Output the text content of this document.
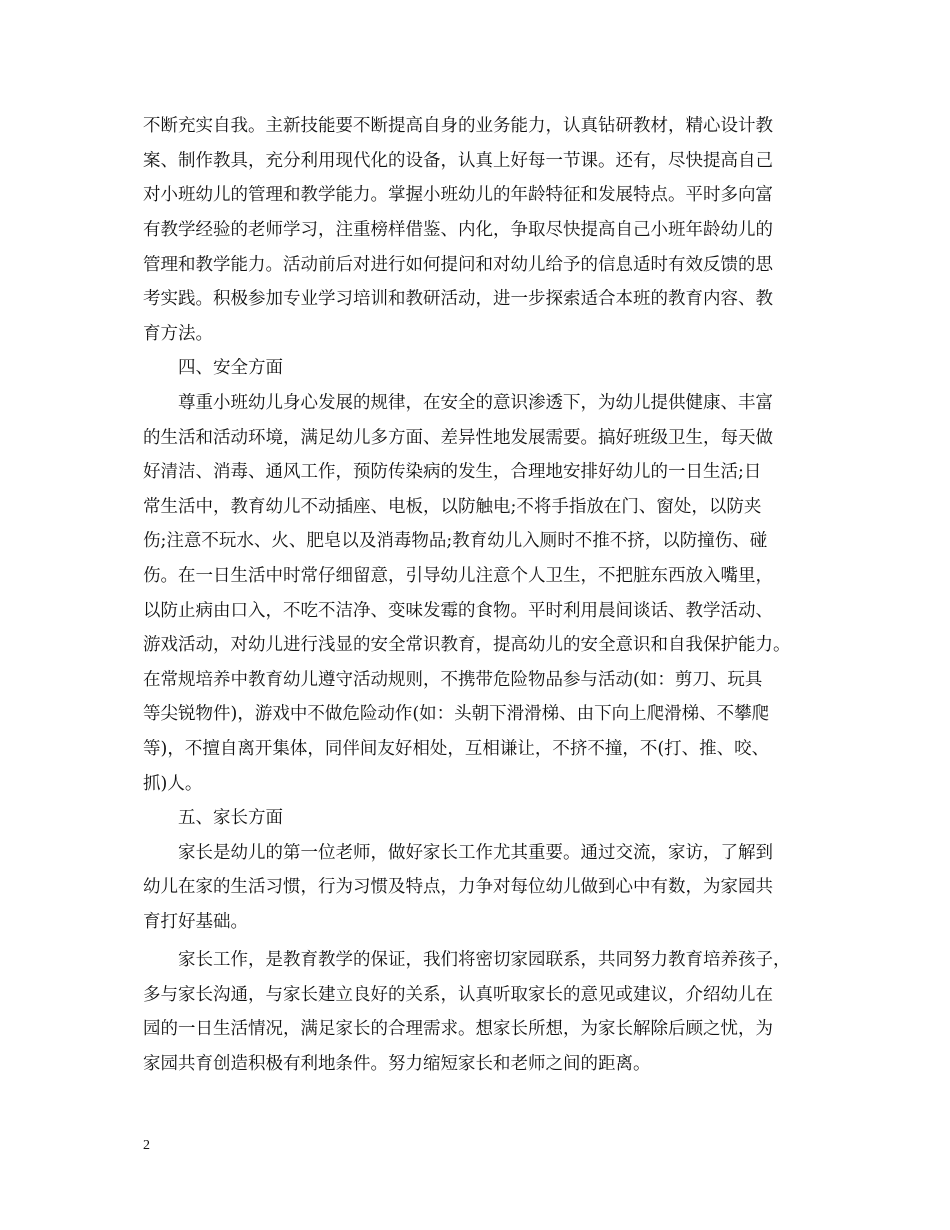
不断充实自我。主新技能要不断提高自身的业务能力，认真钻研教材，精心设计教

案、制作教具，充分利用现代化的设备，认真上好每一节课。还有，尽快提高自己

对小班幼儿的管理和教学能力。掌握小班幼儿的年龄特征和发展特点。平时多向富

有教学经验的老师学习，注重榜样借鉴、内化，争取尽快提高自己小班年龄幼儿的

管理和教学能力。活动前后对进行如何提问和对幼儿给予的信息适时有效反馈的思

考实践。积极参加专业学习培训和教研活动，进一步探索适合本班的教育内容、教

育方法。

四、安全方面

尊重小班幼儿身心发展的规律，在安全的意识渗透下，为幼儿提供健康、丰富

的生活和活动环境，满足幼儿多方面、差异性地发展需要。搞好班级卫生，每天做

好清洁、消毒、通风工作，预防传染病的发生，合理地安排好幼儿的一日生活;日

常生活中，教育幼儿不动插座、电板，以防触电;不将手指放在门、窗处，以防夹

伤;注意不玩水、火、肥皂以及消毒物品;教育幼儿入厕时不推不挤，以防撞伤、碰

伤。在一日生活中时常仔细留意，引导幼儿注意个人卫生，不把脏东西放入嘴里，

以防止病由口入，不吃不洁净、变味发霉的食物。平时利用晨间谈话、教学活动、

游戏活动，对幼儿进行浅显的安全常识教育，提高幼儿的安全意识和自我保护能力。

在常规培养中教育幼儿遵守活动规则，不携带危险物品参与活动(如：剪刀、玩具

等尖锐物件)，游戏中不做危险动作(如：头朝下滑滑梯、由下向上爬滑梯、不攀爬

等)，不擅自离开集体，同伴间友好相处，互相谦让，不挤不撞，不(打、推、咬、

抓)人。

五、家长方面

家长是幼儿的第一位老师，做好家长工作尤其重要。通过交流，家访，了解到

幼儿在家的生活习惯，行为习惯及特点，力争对每位幼儿做到心中有数，为家园共

育打好基础。

家长工作，是教育教学的保证，我们将密切家园联系，共同努力教育培养孩子，

多与家长沟通，与家长建立良好的关系，认真听取家长的意见或建议，介绍幼儿在

园的一日生活情况，满足家长的合理需求。想家长所想，为家长解除后顾之忧，为

家园共育创造积极有利地条件。努力缩短家长和老师之间的距离。

2
